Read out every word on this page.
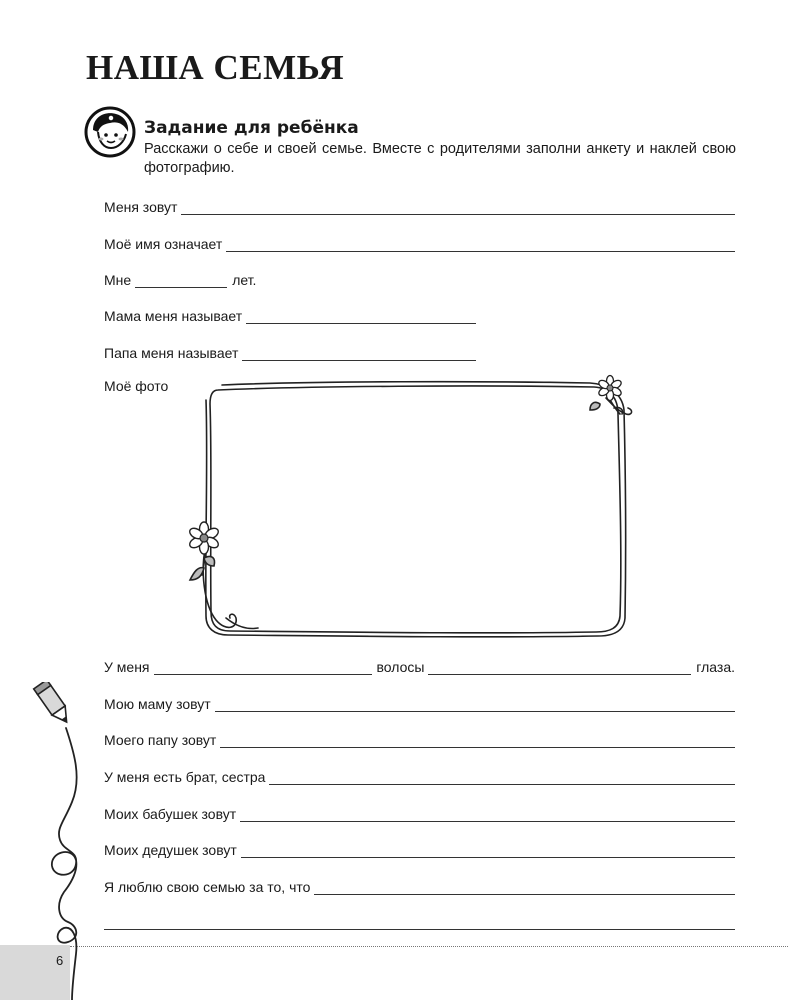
НАША СЕМЬЯ
Задание для ребёнка
Расскажи о себе и своей семье. Вместе с родителями заполни анкету и наклей свою фотографию.
Меня зовут
Моё имя означает
Мне	лет.
Мама меня называет
Папа меня называет
Моё фото
У меня	волосы	глаза.
Мою маму зовут
Моего папу зовут
У меня есть брат, сестра
Моих бабушек зовут
Моих дедушек зовут
Я люблю свою семью за то, что
6
